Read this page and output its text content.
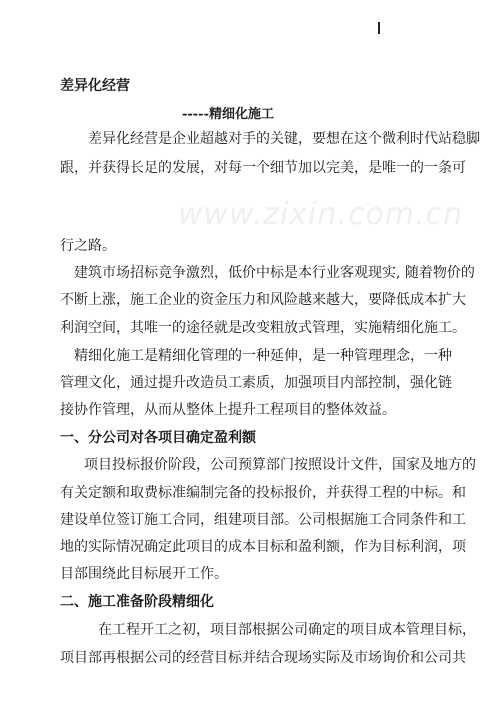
www.zixin.com.cn
差异化经营
-----精细化施工
差异化经营是企业超越对手的关键，要想在这个微利时代站稳脚
跟，并获得长足的发展，对每一个细节加以完美，是唯一的一条可
行之路。
建筑市场招标竞争激烈，低价中标是本行业客观现实, 随着物价的
不断上涨，施工企业的资金压力和风险越来越大，要降低成本扩大
利润空间，其唯一的途径就是改变粗放式管理，实施精细化施工。
精细化施工是精细化管理的一种延伸，是一种管理理念，一种
管理文化，通过提升改造员工素质，加强项目内部控制，强化链
接协作管理，从而从整体上提升工程项目的整体效益。
一、分公司对各项目确定盈利额
项目投标报价阶段，公司预算部门按照设计文件，国家及地方的
有关定额和取费标准编制完备的投标报价，并获得工程的中标。和
建设单位签订施工合同，组建项目部。公司根据施工合同条件和工
地的实际情况确定此项目的成本目标和盈利额，作为目标利润，项
目部围绕此目标展开工作。
二、施工准备阶段精细化
在工程开工之初，项目部根据公司确定的项目成本管理目标，
项目部再根据公司的经营目标并结合现场实际及市场询价和公司共
